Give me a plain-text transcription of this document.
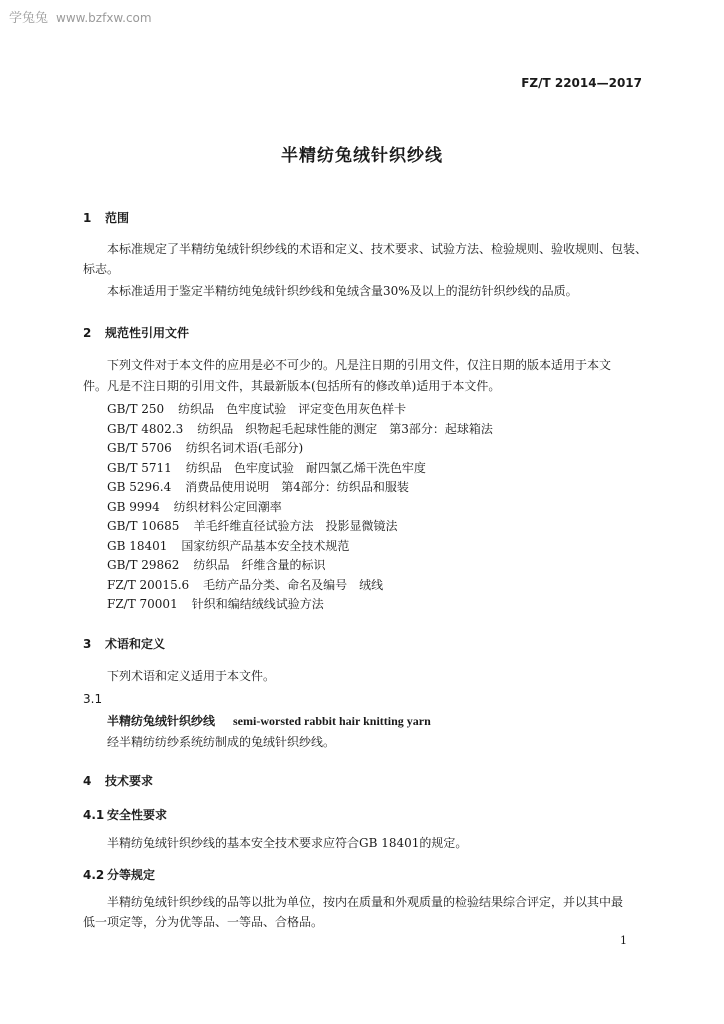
学兔兔 www.bzfxw.com
FZ/T 22014—2017
半精纺兔绒针织纱线
1 范围
本标准规定了半精纺兔绒针织纱线的术语和定义、技术要求、试验方法、检验规则、验收规则、包装、
标志。
本标准适用于鉴定半精纺纯兔绒针织纱线和兔绒含量30%及以上的混纺针织纱线的品质。
2 规范性引用文件
下列文件对于本文件的应用是必不可少的。凡是注日期的引用文件，仅注日期的版本适用于本文
件。凡是不注日期的引用文件，其最新版本(包括所有的修改单)适用于本文件。
GB/T 250 纺织品　色牢度试验　评定变色用灰色样卡
GB/T 4802.3 纺织品　织物起毛起球性能的测定　第3部分：起球箱法
GB/T 5706 纺织名词术语(毛部分)
GB/T 5711 纺织品　色牢度试验　耐四氯乙烯干洗色牢度
GB 5296.4 消费品使用说明　第4部分：纺织品和服装
GB 9994 纺织材料公定回潮率
GB/T 10685 羊毛纤维直径试验方法　投影显微镜法
GB 18401 国家纺织产品基本安全技术规范
GB/T 29862 纺织品　纤维含量的标识
FZ/T 20015.6 毛纺产品分类、命名及编号　绒线
FZ/T 70001 针织和编结绒线试验方法
3 术语和定义
下列术语和定义适用于本文件。
3.1
半精纺兔绒针织纱线 semi-worsted rabbit hair knitting yarn
经半精纺纺纱系统纺制成的兔绒针织纱线。
4 技术要求
4.1 安全性要求
半精纺兔绒针织纱线的基本安全技术要求应符合GB 18401的规定。
4.2 分等规定
半精纺兔绒针织纱线的品等以批为单位，按内在质量和外观质量的检验结果综合评定，并以其中最
低一项定等，分为优等品、一等品、合格品。
1
